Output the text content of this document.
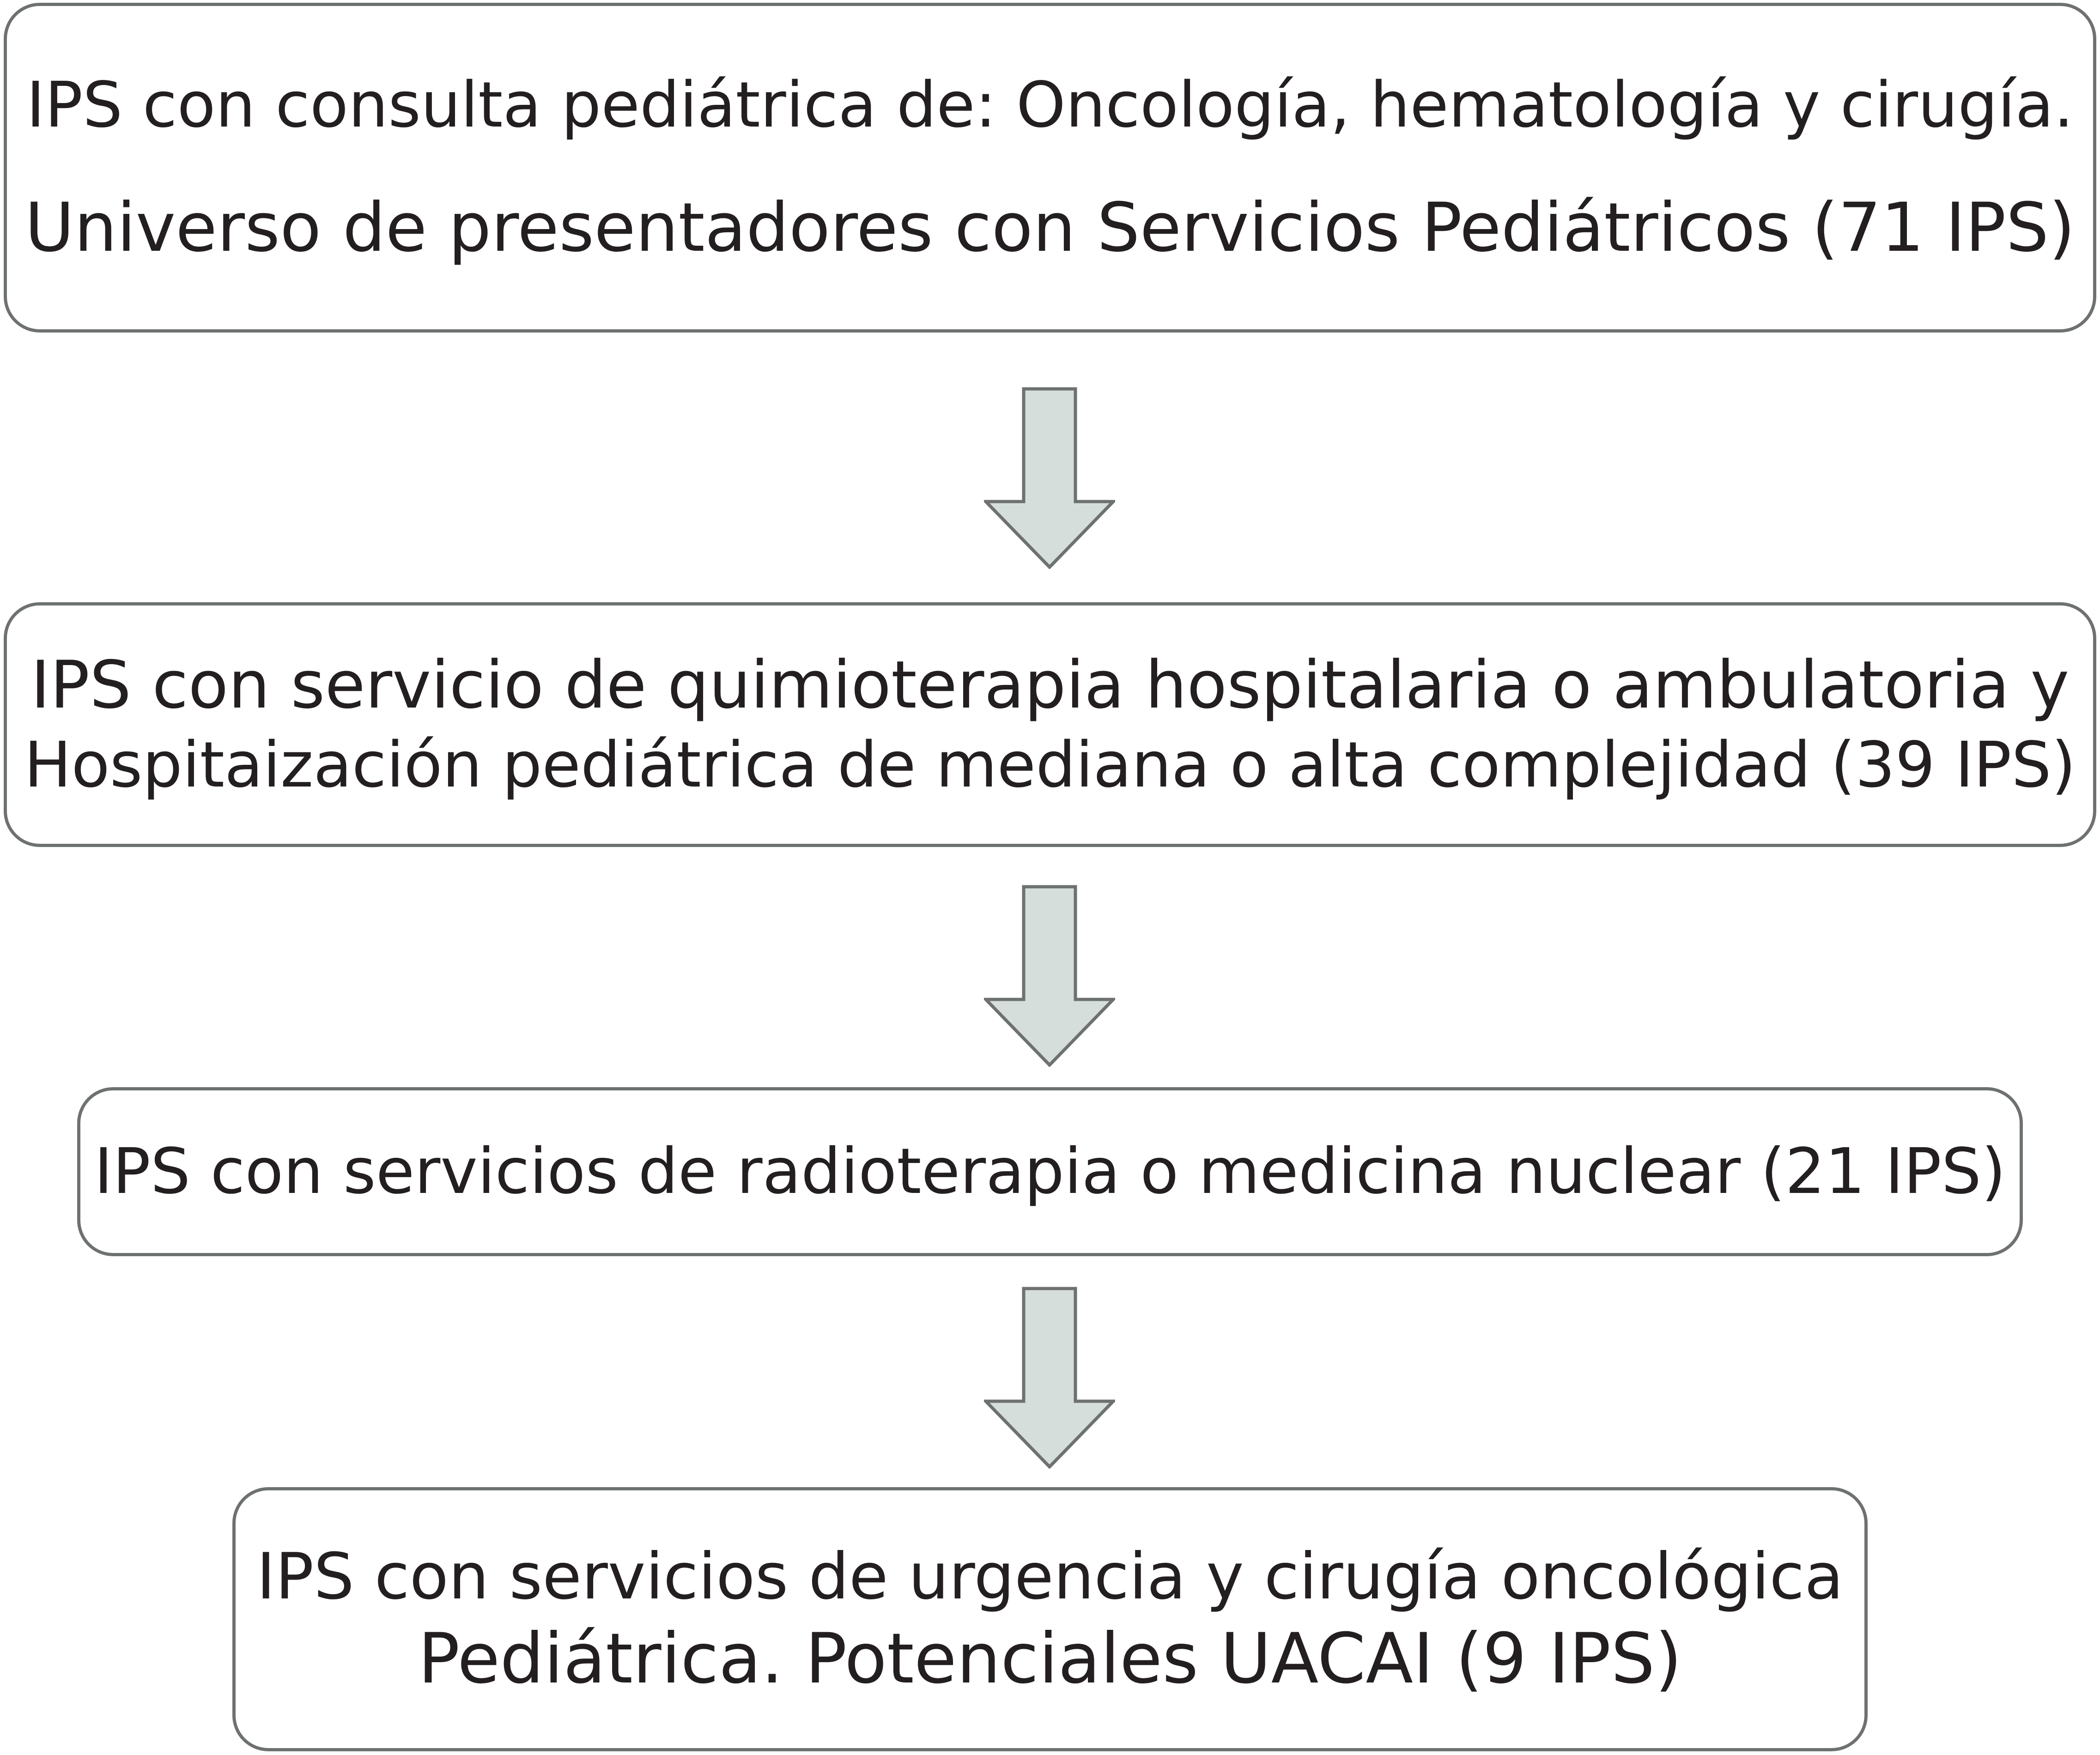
IPS con consulta pediátrica de: Oncología, hematología y cirugía.
Universo de presentadores con Servicios Pediátricos (71 IPS)
IPS con servicio de quimioterapia hospitalaria o ambulatoria y
Hospitaización pediátrica de mediana o alta complejidad (39 IPS)
IPS con servicios de radioterapia o medicina nuclear (21 IPS)
IPS con servicios de urgencia y cirugía oncológica
Pediátrica. Potenciales UACAI (9 IPS)
